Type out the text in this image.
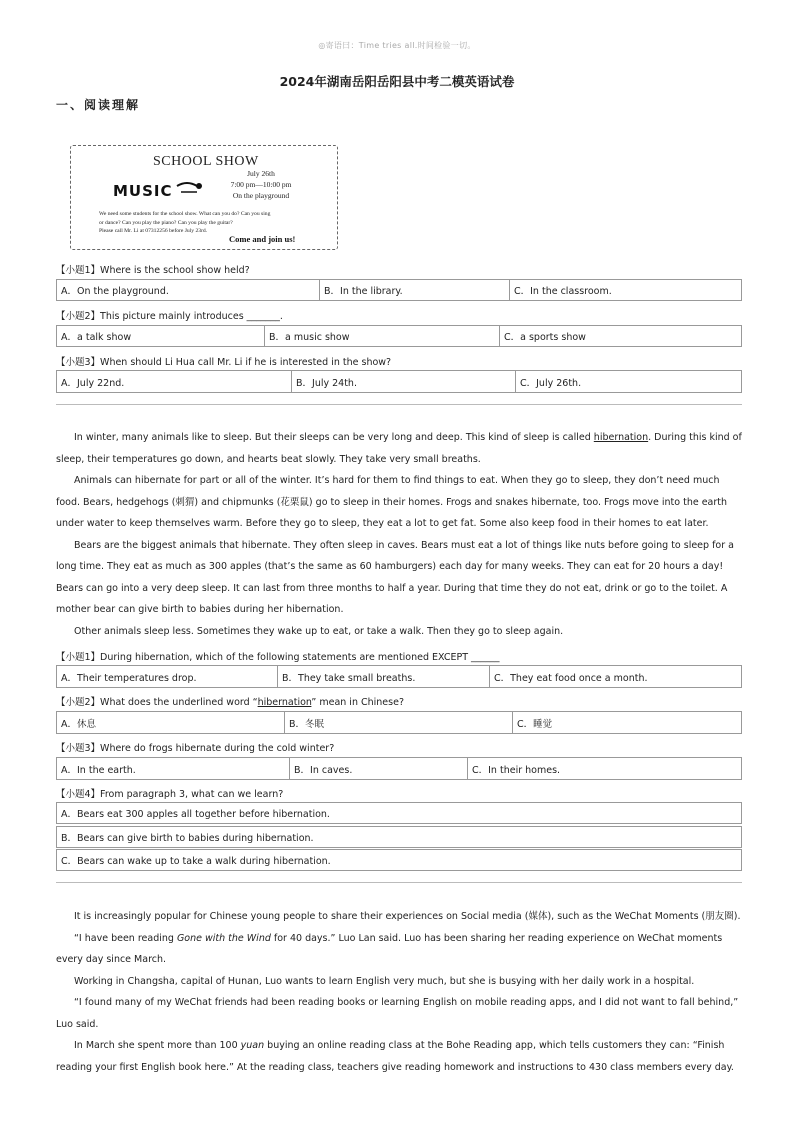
◎寄语曰：Time tries all.时间检验一切。
2024年湖南岳阳岳阳县中考二模英语试卷
一、阅读理解
SCHOOL SHOW
July 26th
7:00 pm—10:00 pm
On the playground
MUSIC
We need some students for the school show. What can you do? Can you sing
or dance? Can you play the piano? Can you play the guitar?
Please call Mr. Li at 07312256 before July 23rd.
Come and join us!
【小题1】Where is the school show held?
A．On the playground.	B．In the library.	C．In the classroom.
【小题2】This picture mainly introduces _______.
A．a talk show	B．a music show	C．a sports show
【小题3】When should Li Hua call Mr. Li if he is interested in the show?
A．July 22nd.	B．July 24th.	C．July 26th.

In winter, many animals like to sleep. But their sleeps can be very long and deep. This kind of sleep is called hibernation. During this kind of sleep, their temperatures go down, and hearts beat slowly. They take very small breaths.

Animals can hibernate for part or all of the winter. It’s hard for them to find things to eat. When they go to sleep, they don’t need much food. Bears, hedgehogs (刺猬) and chipmunks (花栗鼠) go to sleep in their homes. Frogs and snakes hibernate, too. Frogs move into the earth under water to keep themselves warm. Before they go to sleep, they eat a lot to get fat. Some also keep food in their homes to eat later.

Bears are the biggest animals that hibernate. They often sleep in caves. Bears must eat a lot of things like nuts before going to sleep for a long time. They eat as much as 300 apples (that’s the same as 60 hamburgers) each day for many weeks. They can eat for 20 hours a day! Bears can go into a very deep sleep. It can last from three months to half a year. During that time they do not eat, drink or go to the toilet. A mother bear can give birth to babies during her hibernation.

Other animals sleep less. Sometimes they wake up to eat, or take a walk. Then they go to sleep again.

【小题1】During hibernation, which of the following statements are mentioned EXCEPT ______
A．Their temperatures drop.	B．They take small breaths.	C．They eat food once a month.
【小题2】What does the underlined word “hibernation” mean in Chinese?
A．休息	B．冬眠	C．睡觉
【小题3】Where do frogs hibernate during the cold winter?
A．In the earth.	B．In caves.	C．In their homes.
【小题4】From paragraph 3, what can we learn?
A．Bears eat 300 apples all together before hibernation.
B．Bears can give birth to babies during hibernation.
C．Bears can wake up to take a walk during hibernation.

It is increasingly popular for Chinese young people to share their experiences on Social media (媒体), such as the WeChat Moments (朋友圈).

“I have been reading Gone with the Wind for 40 days.” Luo Lan said. Luo has been sharing her reading experience on WeChat moments every day since March.

Working in Changsha, capital of Hunan, Luo wants to learn English very much, but she is busying with her daily work in a hospital.

“I found many of my WeChat friends had been reading books or learning English on mobile reading apps, and I did not want to fall behind,” Luo said.

In March she spent more than 100 yuan buying an online reading class at the Bohe Reading app, which tells customers they can: “Finish reading your first English book here.” At the reading class, teachers give reading homework and instructions to 430 class members every day.
